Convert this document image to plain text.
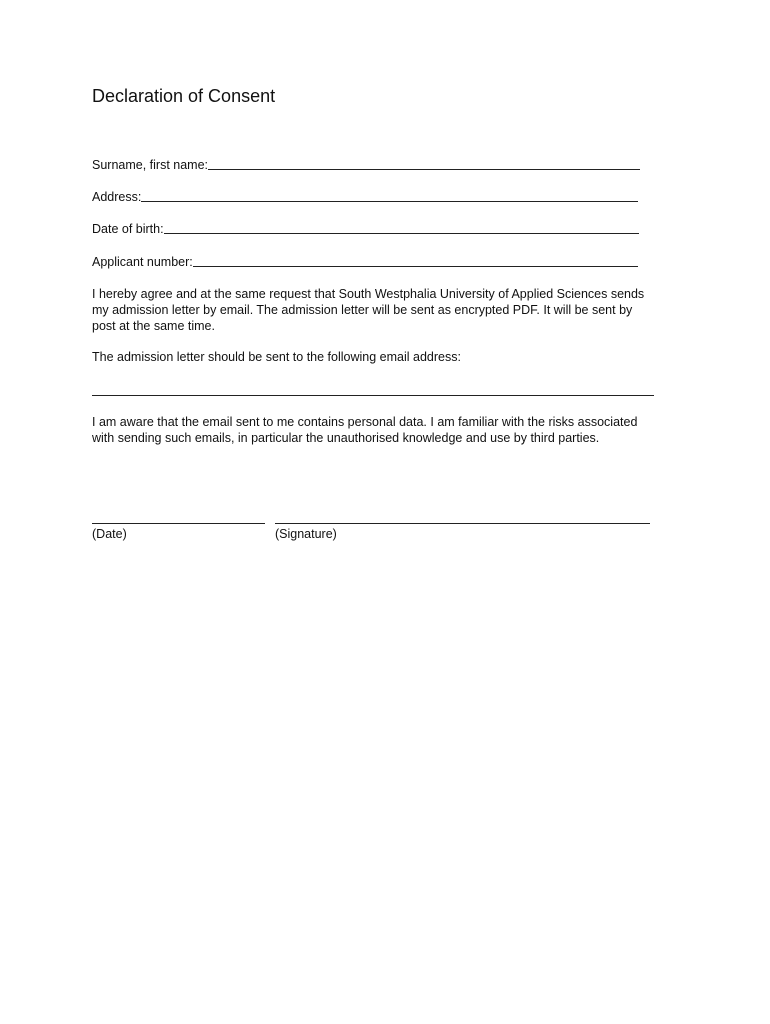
Declaration of Consent
Surname, first name:
Address:
Date of birth:
Applicant number:

I hereby agree and at the same request that South Westphalia University of Applied Sciences sends
my admission letter by email. The admission letter will be sent as encrypted PDF. It will be sent by
post at the same time.

The admission letter should be sent to the following email address:

I am aware that the email sent to me contains personal data. I am familiar with the risks associated
with sending such emails, in particular the unauthorised knowledge and use by third parties.

(Date)	(Signature)
